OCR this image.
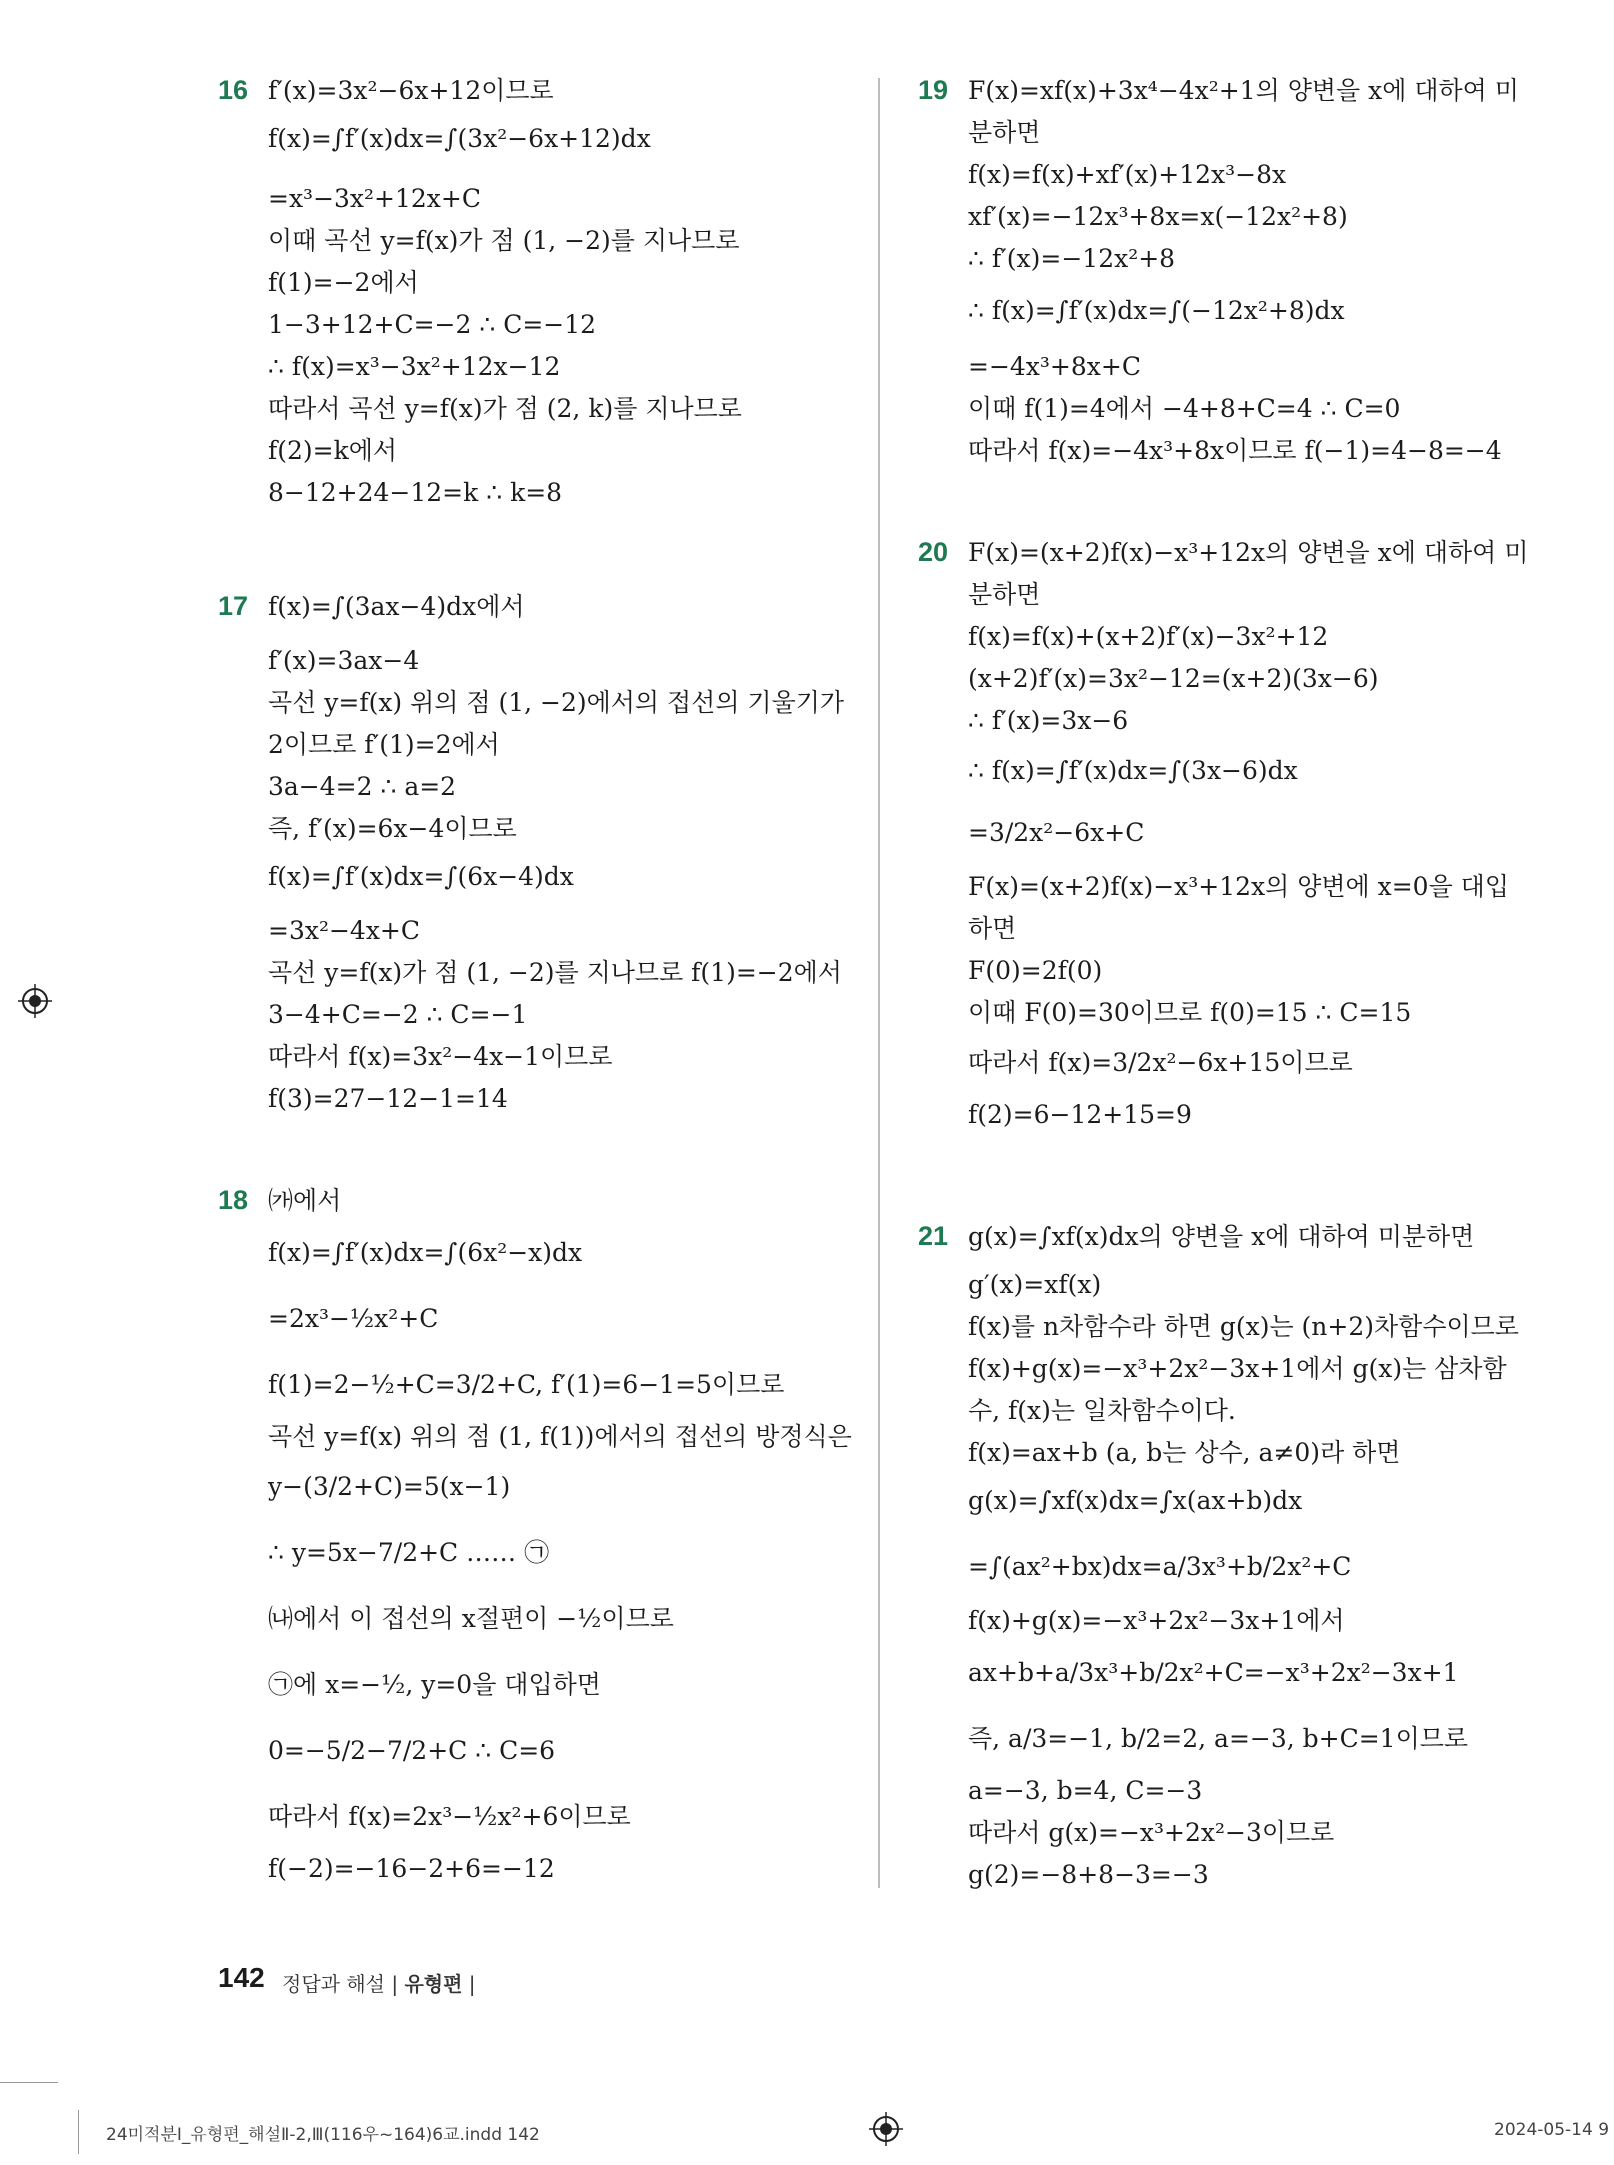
16 f′(x)=3x²−6x+12이므로
f(x)=∫f′(x)dx=∫(3x²−6x+12)dx
=x³−3x²+12x+C
이때 곡선 y=f(x)가 점 (1, −2)를 지나므로
f(1)=−2에서
1−3+12+C=−2 ∴ C=−12
∴ f(x)=x³−3x²+12x−12
따라서 곡선 y=f(x)가 점 (2, k)를 지나므로
f(2)=k에서
8−12+24−12=k ∴ k=8
17 f(x)=∫(3ax−4)dx에서
f′(x)=3ax−4
곡선 y=f(x) 위의 점 (1, −2)에서의 접선의 기울기가
2이므로 f′(1)=2에서
3a−4=2 ∴ a=2
즉, f′(x)=6x−4이므로
f(x)=∫f′(x)dx=∫(6x−4)dx
=3x²−4x+C
곡선 y=f(x)가 점 (1, −2)를 지나므로 f(1)=−2에서
3−4+C=−2 ∴ C=−1
따라서 f(x)=3x²−4x−1이므로
f(3)=27−12−1=14
18 ㈎에서
f(x)=∫f′(x)dx=∫(6x²−x)dx
=2x³−½x²+C
f(1)=2−½+C=3/2+C, f′(1)=6−1=5이므로
곡선 y=f(x) 위의 점 (1, f(1))에서의 접선의 방정식은
y−(3/2+C)=5(x−1)
∴ y=5x−7/2+C …… ㉠
㈏에서 이 접선의 x절편이 −½이므로
㉠에 x=−½, y=0을 대입하면
0=−5/2−7/2+C ∴ C=6
따라서 f(x)=2x³−½x²+6이므로
f(−2)=−16−2+6=−12
19 F(x)=xf(x)+3x⁴−4x²+1의 양변을 x에 대하여 미
분하면
f(x)=f(x)+xf′(x)+12x³−8x
xf′(x)=−12x³+8x=x(−12x²+8)
∴ f′(x)=−12x²+8
∴ f(x)=∫f′(x)dx=∫(−12x²+8)dx
=−4x³+8x+C
이때 f(1)=4에서 −4+8+C=4 ∴ C=0
따라서 f(x)=−4x³+8x이므로 f(−1)=4−8=−4
20 F(x)=(x+2)f(x)−x³+12x의 양변을 x에 대하여 미
분하면
f(x)=f(x)+(x+2)f′(x)−3x²+12
(x+2)f′(x)=3x²−12=(x+2)(3x−6)
∴ f′(x)=3x−6
∴ f(x)=∫f′(x)dx=∫(3x−6)dx
=3/2x²−6x+C
F(x)=(x+2)f(x)−x³+12x의 양변에 x=0을 대입
하면
F(0)=2f(0)
이때 F(0)=30이므로 f(0)=15 ∴ C=15
따라서 f(x)=3/2x²−6x+15이므로
f(2)=6−12+15=9
21 g(x)=∫xf(x)dx의 양변을 x에 대하여 미분하면
g′(x)=xf(x)
f(x)를 n차함수라 하면 g(x)는 (n+2)차함수이므로
f(x)+g(x)=−x³+2x²−3x+1에서 g(x)는 삼차함
수, f(x)는 일차함수이다.
f(x)=ax+b (a, b는 상수, a≠0)라 하면
g(x)=∫xf(x)dx=∫x(ax+b)dx
=∫(ax²+bx)dx=a/3x³+b/2x²+C
f(x)+g(x)=−x³+2x²−3x+1에서
ax+b+a/3x³+b/2x²+C=−x³+2x²−3x+1
즉, a/3=−1, b/2=2, a=−3, b+C=1이므로
a=−3, b=4, C=−3
따라서 g(x)=−x³+2x²−3이므로
g(2)=−8+8−3=−3
142 정답과 해설 | 유형편 |
24미적분Ⅰ_유형편_해설Ⅱ-2,Ⅲ(116우~164)6교.indd 142	2024-05-14 9
